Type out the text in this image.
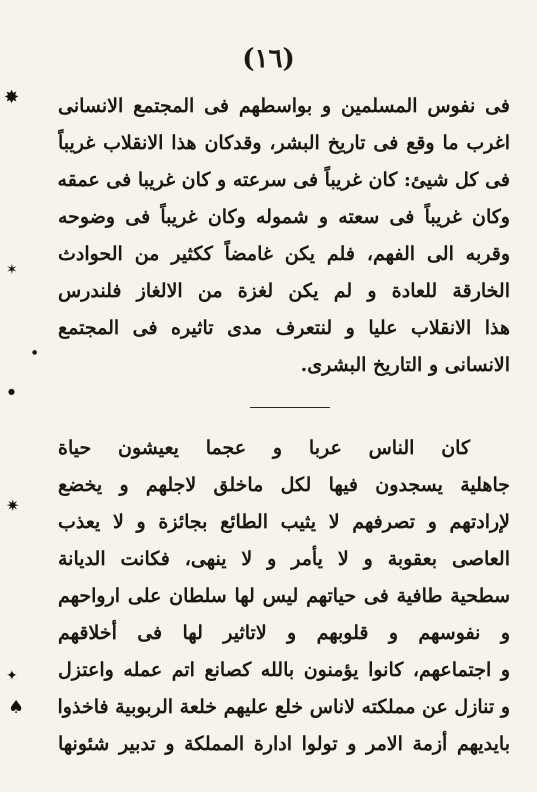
(١٦)
فى نفوس المسلمين و بواسطهم فى المجتمع الانسانى
اغرب ما وقع فى تاريخ البشر، وقدكان هذا الانقلاب غريباً
فى كل شيئ: كان غريباً فى سرعته و كان غريبا فى عمقه
وكان غريباً فى سعته و شموله وكان غريباً فى وضوحه
وقربه الى الفهم، فلم يكن غامضاً ككثير من الحوادث
الخارقة للعادة و لم يكن لغزة من الالغاز فلندرس
هذا الانقلاب عليا و لنتعرف مدى تاثيره فى المجتمع
الانسانى و التاريخ البشرى.
كان الناس عربا و عجما يعيشون حياة
جاهلية يسجدون فيها لكل ماخلق لاجلهم و يخضع
لإرادتهم و تصرفهم لا يثيب الطائع بجائزة و لا يعذب
العاصى بعقوبة و لا يأمر و لا ينهى، فكانت الديانة
سطحية طافية فى حياتهم ليس لها سلطان على ارواحهم
و نفوسهم و قلوبهم و لاتاثير لها فى أخلاقهم
و اجتماعهم، كانوا يؤمنون بالله كصانع اتم عمله واعتزل
و تنازل عن مملكته لاناس خلع عليهم خلعة الربوبية فاخذوا
بايديهم أزمة الامر و تولوا ادارة المملكة و تدبير شئونها
✸
✶
●
●
✷
✦
♠
